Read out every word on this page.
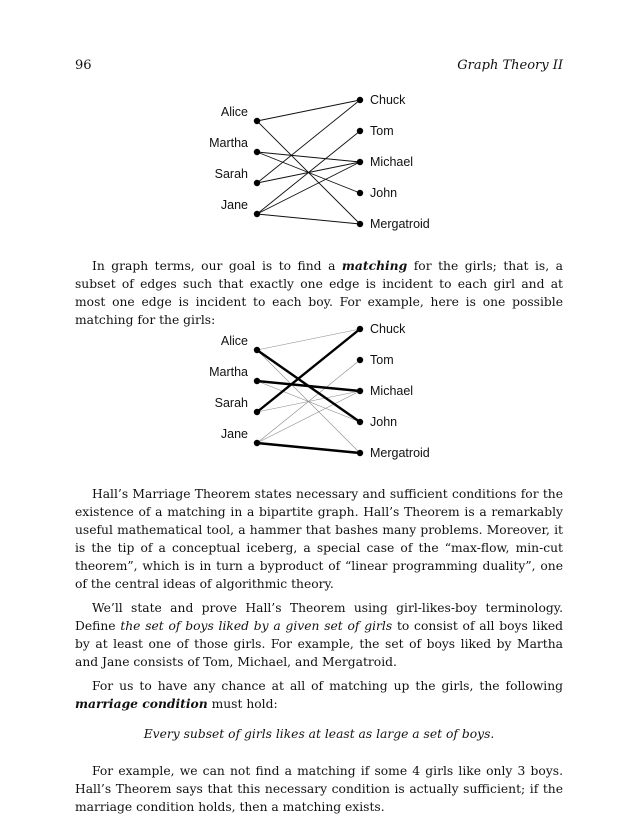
96	Graph Theory II
Alice
Martha
Sarah
Jane
Chuck
Tom
Michael
John
Mergatroid

In graph terms, our goal is to find a matching for the girls; that is, a subset of edges such that exactly one edge is incident to each girl and at most one edge is incident to each boy. For example, here is one possible matching for the girls:

Alice
Martha
Sarah
Jane
Chuck
Tom
Michael
John
Mergatroid

Hall’s Marriage Theorem states necessary and sufficient conditions for the existence of a matching in a bipartite graph. Hall’s Theorem is a remarkably useful mathematical tool, a hammer that bashes many problems. Moreover, it is the tip of a conceptual iceberg, a special case of the “max-flow, min-cut theorem”, which is in turn a byproduct of “linear programming duality”, one of the central ideas of algorithmic theory.

We’ll state and prove Hall’s Theorem using girl-likes-boy terminology. Define the set of boys liked by a given set of girls to consist of all boys liked by at least one of those girls. For example, the set of boys liked by Martha and Jane consists of Tom, Michael, and Mergatroid.

For us to have any chance at all of matching up the girls, the following marriage condition must hold:

Every subset of girls likes at least as large a set of boys.

For example, we can not find a matching if some 4 girls like only 3 boys. Hall’s Theorem says that this necessary condition is actually sufficient; if the marriage condition holds, then a matching exists.
